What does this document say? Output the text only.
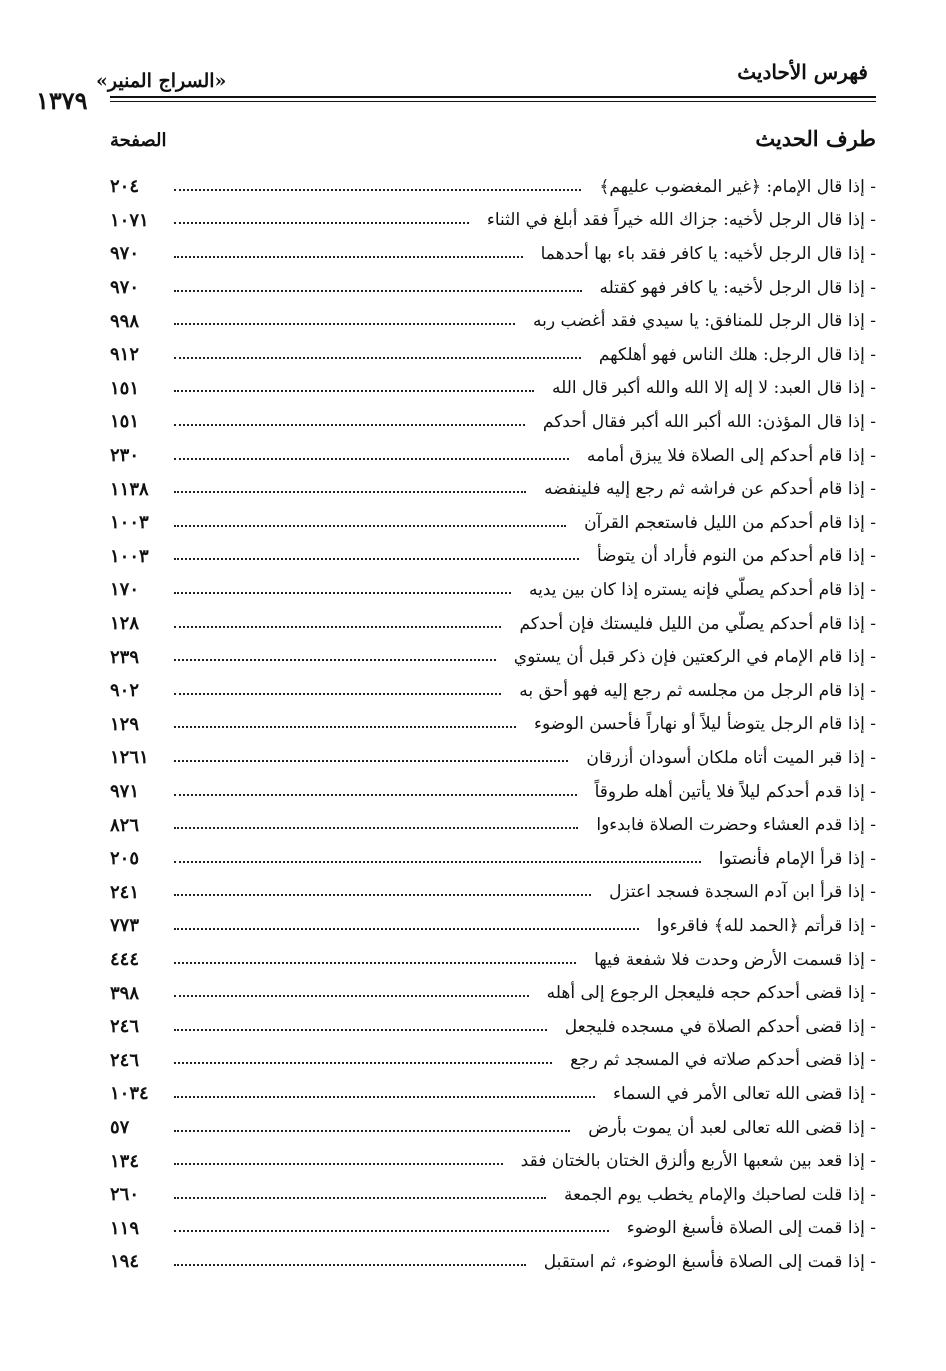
فهرس الأحاديث
«السراج المنير»
١٣٧٩
طرف الحديث
الصفحة
- إذا قال الإمام: ﴿غير المغضوب عليهم﴾
٢٠٤
- إذا قال الرجل لأخيه: جزاك الله خيراً فقد أبلغ في الثناء
١٠٧١
- إذا قال الرجل لأخيه: يا كافر فقد باء بها أحدهما
٩٧٠
- إذا قال الرجل لأخيه: يا كافر فهو كقتله
٩٧٠
- إذا قال الرجل للمنافق: يا سيدي فقد أغضب ربه
٩٩٨
- إذا قال الرجل: هلك الناس فهو أهلكهم
٩١٢
- إذا قال العبد: لا إله إلا الله والله أكبر قال الله
١٥١
- إذا قال المؤذن: الله أكبر الله أكبر فقال أحدكم
١٥١
- إذا قام أحدكم إلى الصلاة فلا يبزق أمامه
٢٣٠
- إذا قام أحدكم عن فراشه ثم رجع إليه فلينفضه
١١٣٨
- إذا قام أحدكم من الليل فاستعجم القرآن
١٠٠٣
- إذا قام أحدكم من النوم فأراد أن يتوضأ
١٠٠٣
- إذا قام أحدكم يصلّي فإنه يستره إذا كان بين يديه
١٧٠
- إذا قام أحدكم يصلّي من الليل فليستك فإن أحدكم
١٢٨
- إذا قام الإمام في الركعتين فإن ذكر قبل أن يستوي
٢٣٩
- إذا قام الرجل من مجلسه ثم رجع إليه فهو أحق به
٩٠٢
- إذا قام الرجل يتوضأ ليلاً أو نهاراً فأحسن الوضوء
١٢٩
- إذا قبر الميت أتاه ملكان أسودان أزرقان
١٢٦١
- إذا قدم أحدكم ليلاً فلا يأتين أهله طروقاً
٩٧١
- إذا قدم العشاء وحضرت الصلاة فابدءوا
٨٢٦
- إذا قرأ الإمام فأنصتوا
٢٠٥
- إذا قرأ ابن آدم السجدة فسجد اعتزل
٢٤١
- إذا قرأتم ﴿الحمد لله﴾ فاقرءوا
٧٧٣
- إذا قسمت الأرض وحدت فلا شفعة فيها
٤٤٤
- إذا قضى أحدكم حجه فليعجل الرجوع إلى أهله
٣٩٨
- إذا قضى أحدكم الصلاة في مسجده فليجعل
٢٤٦
- إذا قضى أحدكم صلاته في المسجد ثم رجع
٢٤٦
- إذا قضى الله تعالى الأمر في السماء
١٠٣٤
- إذا قضى الله تعالى لعبد أن يموت بأرض
٥٧
- إذا قعد بين شعبها الأربع وألزق الختان بالختان فقد
١٣٤
- إذا قلت لصاحبك والإمام يخطب يوم الجمعة
٢٦٠
- إذا قمت إلى الصلاة فأسبغ الوضوء
١١٩
- إذا قمت إلى الصلاة فأسبغ الوضوء، ثم استقبل
١٩٤
